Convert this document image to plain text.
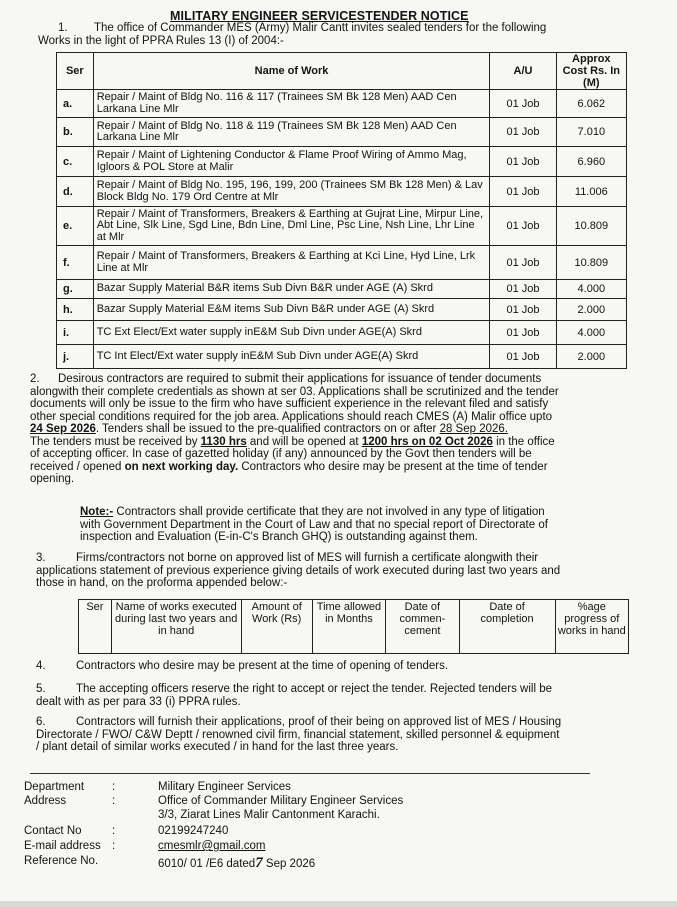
MILITARY ENGINEER SERVICESTENDER NOTICE
1. The office of Commander MES (Army) Malir Cantt invites sealed tenders for the following
Works in the light of PPRA Rules 13 (I) of 2004:-
Ser	Name of Work	A/U	Approx Cost Rs. In (M)
a.	Repair / Maint of Bldg No. 116 & 117 (Trainees SM Bk 128 Men) AAD Cen Larkana Line Mlr	01 Job	6.062
b.	Repair / Maint of Bldg No. 118 & 119 (Trainees SM Bk 128 Men) AAD Cen Larkana Line Mlr	01 Job	7.010
c.	Repair / Maint of Lightening Conductor & Flame Proof Wiring of Ammo Mag, Igloors & POL Store at Malir	01 Job	6.960
d.	Repair / Maint of Bldg No. 195, 196, 199, 200 (Trainees SM Bk 128 Men) & Lav Block Bldg No. 179 Ord Centre at Mlr	01 Job	11.006
e.	Repair / Maint of Transformers, Breakers & Earthing at Gujrat Line, Mirpur Line, Abt Line, Slk Line, Sgd Line, Bdn Line, Dml Line, Psc Line, Nsh Line, Lhr Line at Mlr	01 Job	10.809
f.	Repair / Maint of Transformers, Breakers & Earthing at Kci Line, Hyd Line, Lrk Line at Mlr	01 Job	10.809
g.	Bazar Supply Material B&R items Sub Divn B&R under AGE (A) Skrd	01 Job	4.000
h.	Bazar Supply Material E&M items Sub Divn B&R under AGE (A) Skrd	01 Job	2.000
i.	TC Ext Elect/Ext water supply inE&M Sub Divn under AGE(A) Skrd	01 Job	4.000
j.	TC Int Elect/Ext water supply inE&M Sub Divn under AGE(A) Skrd	01 Job	2.000
2. Desirous contractors are required to submit their applications for issuance of tender documents
alongwith their complete credentials as shown at ser 03. Applications shall be scrutinized and the tender
documents will only be issue to the firm who have sufficient experience in the relevant filed and satisfy
other special conditions required for the job area. Applications should reach CMES (A) Malir office upto
24 Sep 2026. Tenders shall be issued to the pre-qualified contractors on or after 28 Sep 2026.
The tenders must be received by 1130 hrs and will be opened at 1200 hrs on 02 Oct 2026 in the office
of accepting officer. In case of gazetted holiday (if any) announced by the Govt then tenders will be
received / opened on next working day. Contractors who desire may be present at the time of tender
opening.
Note:- Contractors shall provide certificate that they are not involved in any type of litigation
with Government Department in the Court of Law and that no special report of Directorate of
inspection and Evaluation (E-in-C's Branch GHQ) is outstanding against them.
3.	Firms/contractors not borne on approved list of MES will furnish a certificate alongwith their
applications statement of previous experience giving details of work executed during last two years and
those in hand, on the proforma appended below:-
Ser	Name of works executed during last two years and in hand	Amount of Work (Rs)	Time allowed in Months	Date of commen-cement	Date of completion	%age progress of works in hand
4.	Contractors who desire may be present at the time of opening of tenders.
5.	The accepting officers reserve the right to accept or reject the tender. Rejected tenders will be
dealt with as per para 33 (i) PPRA rules.
6.	Contractors will furnish their applications, proof of their being on approved list of MES / Housing
Directorate / FWO/ C&W Deptt / renowned civil firm, financial statement, skilled personnel & equipment
/ plant detail of similar works executed / in hand for the last three years.
Department :	Military Engineer Services
Address	:	Office of Commander Military Engineer Services
3/3, Ziarat Lines Malir Cantonment Karachi.
Contact No	:	02199247240
E-mail address :	cmesmlr@gmail.com
Reference No.	6010/ 01 /E6 dated7 Sep 2026
